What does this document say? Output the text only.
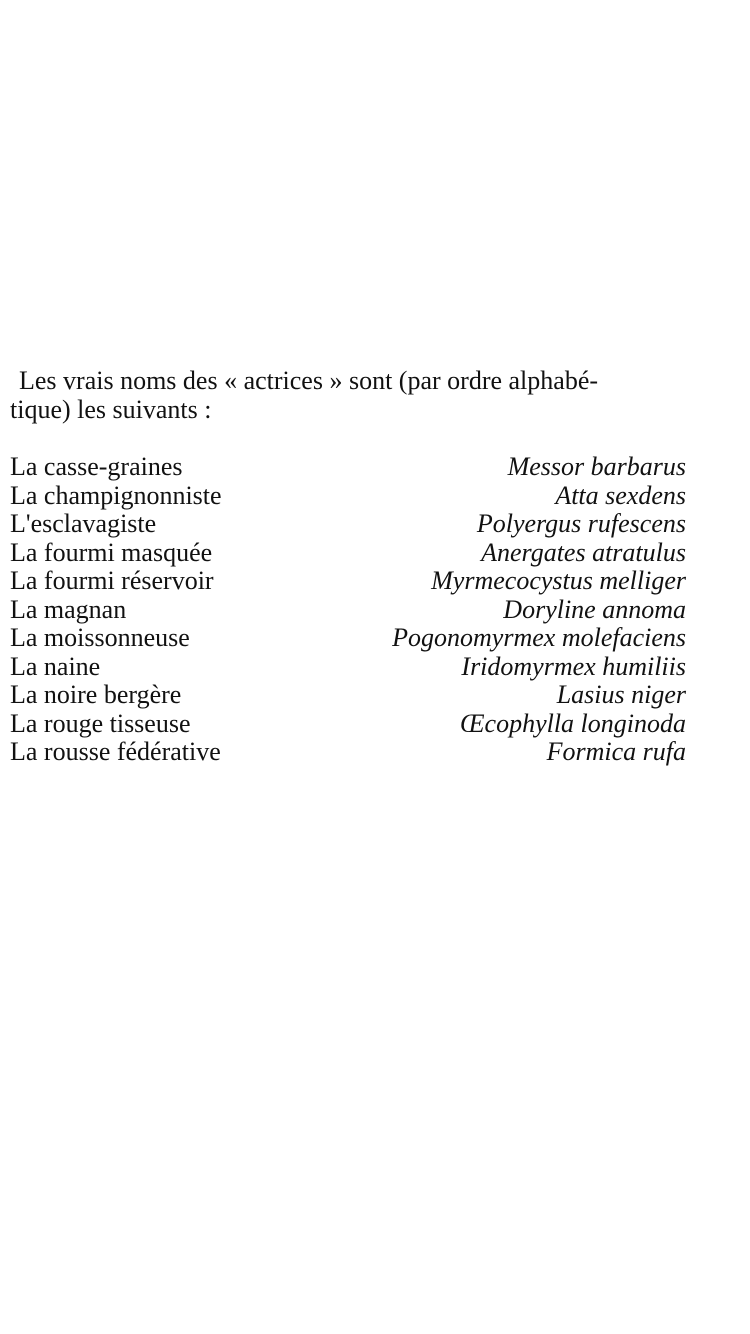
Les vrais noms des « actrices » sont (par ordre alphabé-
tique) les suivants :

La casse-graines	Messor barbarus
La champignonniste	Atta sexdens
L'esclavagiste	Polyergus rufescens
La fourmi masquée	Anergates atratulus
La fourmi réservoir	Myrmecocystus melliger
La magnan	Doryline annoma
La moissonneuse	Pogonomyrmex molefaciens
La naine	Iridomyrmex humiliis
La noire bergère	Lasius niger
La rouge tisseuse	Œcophylla longinoda
La rousse fédérative	Formica rufa
